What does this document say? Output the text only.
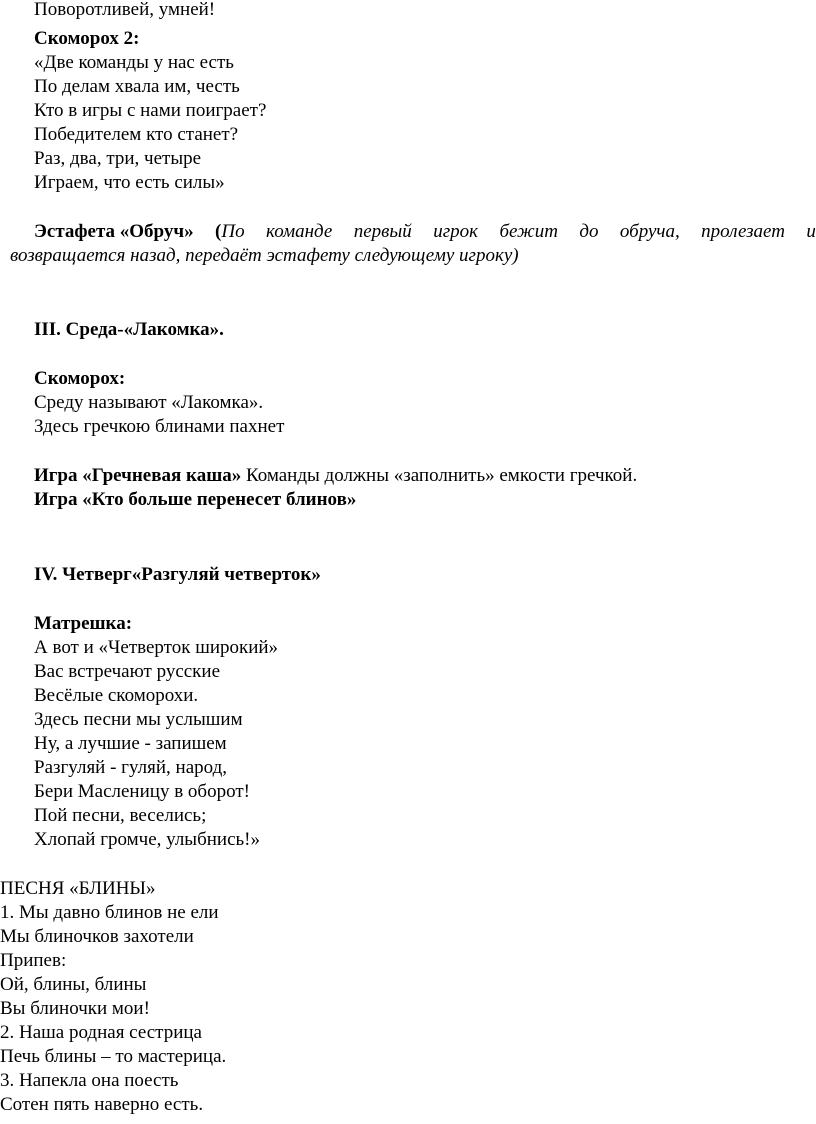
Поворотливей, умней!
Скоморох 2:
«Две команды у нас есть
По делам хвала им, честь
Кто в игры с нами поиграет?
Победителем кто станет?
Раз, два, три, четыре
Играем, что есть силы»
Эстафета «Обруч» (По команде первый игрок бежит до обруча, пролезает и
возвращается назад, передаёт эстафету следующему игроку)
III. Среда-«Лакомка».
Скоморох:
Среду называют «Лакомка».
Здесь гречкою блинами пахнет
Игра «Гречневая каша» Команды должны «заполнить» емкости гречкой.
Игра «Кто больше перенесет блинов»
IV. Четверг«Разгуляй четверток»
Матрешка:
А вот и «Четверток широкий»
Вас встречают русские
Весёлые скоморохи.
Здесь песни мы услышим
Ну, а лучшие - запишем
Разгуляй - гуляй, народ,
Бери Масленицу в оборот!
Пой песни, веселись;
Хлопай громче, улыбнись!»
ПЕСНЯ «БЛИНЫ»
1. Мы давно блинов не ели
Мы блиночков захотели
Припев:
Ой, блины, блины
Вы блиночки мои!
2. Наша родная сестрица
Печь блины – то мастерица.
3. Напекла она поесть
Сотен пять наверно есть.
